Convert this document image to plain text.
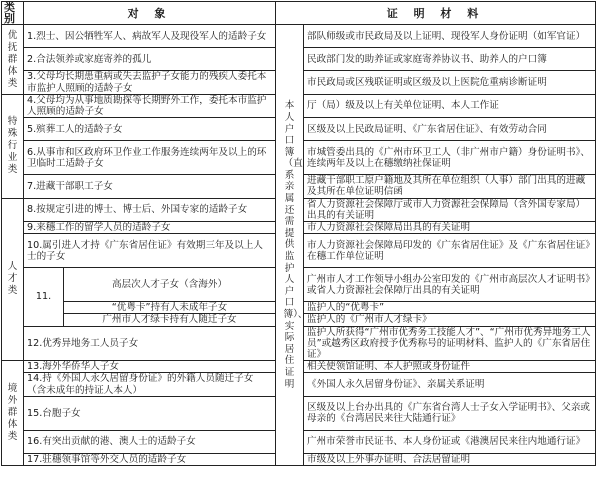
类别	对 象		证 明 材 料	
优抚群体类	1.烈士、因公牺牲军人、病故军人及现役军人的适龄子女		本人户口簿（直系亲属还需提供监护人户口簿）、实际居住证明	部队师级或市民政局及以上证明、现役军人身份证明（如军官证）
	2.合法领养或家庭寄养的孤儿			民政部门发的助养证或家庭寄养协议书、助养人的户口簿
	3.父母均长期患重病或失去监护子女能力的残疾人委托本市监护人照顾的适龄子女			市民政局或区残联证明或区级及以上医院危重病诊断证明
特殊行业类	4.父母均为从事地质勘探等长期野外工作，委托本市监护人照顾的适龄子女			厅（局）级及以上有关单位证明、本人工作证
	5.殡葬工人的适龄子女			区级及以上民政局证明、《广东省居住证》、有效劳动合同
	6.从事市和区政府环卫作业工作服务连续两年及以上的环卫临时工适龄子女			市城管委出具的《广州市环卫工人（非广州市户籍）身份证明书》、连续两年及以上在穗缴纳社保证明
	7.进藏干部职工子女			进藏干部职工原户籍地及其所在单位组织（人事）部门出具的进藏及其所在单位证明信函
人才类	8.按规定引进的博士、博士后、外国专家的适龄子女			省人力资源社会保障厅或市人力资源社会保障局（含外国专家局）出具的有关证明
	9.来穗工作的留学人员的适龄子女			市人力资源社会保障局出具的有关证明
	10.属引进人才持《广东省居住证》有效期三年及以上人士的子女			市人力资源社会保障局印发的《广东省居住证》及《广东省居住证》在穗工作单位证明
	11.	高层次人才子女（含海外）		广州市人才工作领导小组办公室印发的《广州市高层次人才证明书》或省人力资源社会保障厅出具的有关证明
		“优粤卡”持有人未成年子女		监护人的“优粤卡”
		广州市人才绿卡持有人随迁子女		监护人的《广州市人才绿卡》
	12.优秀异地务工人员子女			监护人所获得“广州市优秀务工技能人才”、“广州市优秀异地务工人员”或越秀区政府授予优秀称号的证明材料、监护人的《广东省居住证》

境外群体类	13.海外华侨华人子女			相关使领馆证明、本人护照或身份证件
	14.持《外国人永久居留身份证》的外籍人员随迁子女（含未成年的持证人本人）			《外国人永久居留身份证》、亲属关系证明
	15.台胞子女			区级及以上台办出具的《广东省台湾人士子女入学证明书》、父亲或母亲的《台湾居民来往大陆通行证》
	16.有突出贡献的港、澳人士的适龄子女			广州市荣誉市民证书、本人身份证或《港澳居民来往内地通行证》
	17.驻穗领事馆等外交人员的适龄子女			市级及以上外事办证明、合法居留证明
